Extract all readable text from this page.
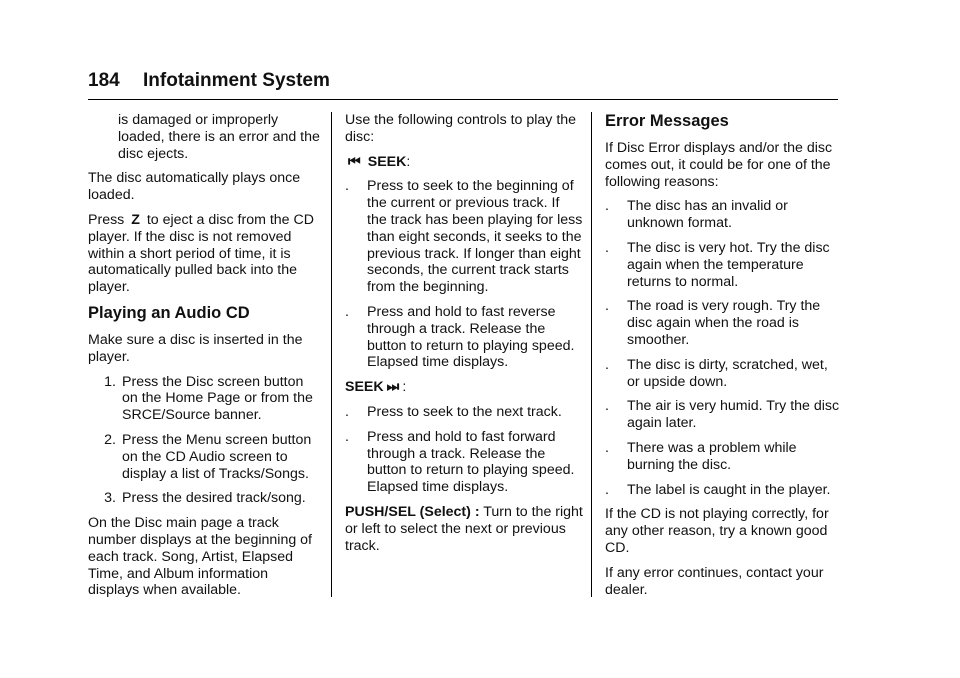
184 Infotainment System

is damaged or improperly loaded, there is an error and the disc ejects.

The disc automatically plays once loaded.

Press Z to eject a disc from the CD player. If the disc is not removed within a short period of time, it is automatically pulled back into the player.

Playing an Audio CD

Make sure a disc is inserted in the player.

1. Press the Disc screen button on the Home Page or from the SRCE/Source banner.
2. Press the Menu screen button on the CD Audio screen to display a list of Tracks/Songs.
3. Press the desired track/song.

On the Disc main page a track number displays at the beginning of each track. Song, Artist, Elapsed Time, and Album information displays when available.

Use the following controls to play the disc:

⏮ SEEK:

.	Press to seek to the beginning of the current or previous track. If the track has been playing for less than eight seconds, it seeks to the previous track. If longer than eight seconds, the current track starts from the beginning.
.	Press and hold to fast reverse through a track. Release the button to return to playing speed. Elapsed time displays.

SEEK ⏭ :

.	Press to seek to the next track.
.	Press and hold to fast forward through a track. Release the button to return to playing speed. Elapsed time displays.

PUSH/SEL (Select) : Turn to the right or left to select the next or previous track.

Error Messages

If Disc Error displays and/or the disc comes out, it could be for one of the following reasons:

.	The disc has an invalid or unknown format.
.	The disc is very hot. Try the disc again when the temperature returns to normal.
.	The road is very rough. Try the disc again when the road is smoother.
.	The disc is dirty, scratched, wet, or upside down.
.	The air is very humid. Try the disc again later.
.	There was a problem while burning the disc.
.	The label is caught in the player.

If the CD is not playing correctly, for any other reason, try a known good CD.

If any error continues, contact your dealer.
